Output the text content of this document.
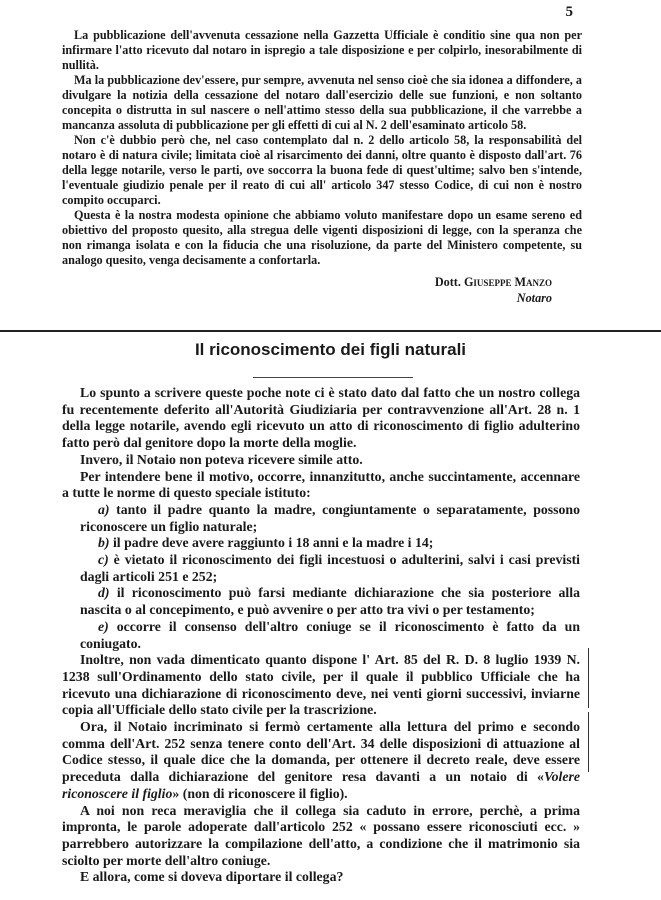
5

La pubblicazione dell'avvenuta cessazione nella Gazzetta Ufficiale è conditio sine qua non per infirmare l'atto ricevuto dal notaro in ispregio a tale disposizione e per colpirlo, inesorabilmente di nullità.

Ma la pubblicazione dev'essere, pur sempre, avvenuta nel senso cioè che sia idonea a diffondere, a divulgare la notizia della cessazione del notaro dall'esercizio delle sue funzioni, e non soltanto concepita o distrutta in sul nascere o nell'attimo stesso della sua pubblicazione, il che varrebbe a mancanza assoluta di pubblicazione per gli effetti di cui al N. 2 dell'esaminato articolo 58.

Non c'è dubbio però che, nel caso contemplato dal n. 2 dello articolo 58, la responsabilità del notaro è di natura civile; limitata cioè al risarcimento dei danni, oltre quanto è disposto dall'art. 76 della legge notarile, verso le parti, ove soccorra la buona fede di quest'ultime; salvo ben s'intende, l'eventuale giudizio penale per il reato di cui all' articolo 347 stesso Codice, di cui non è nostro compito occuparci.

Questa è la nostra modesta opinione che abbiamo voluto manifestare dopo un esame sereno ed obiettivo del proposto quesito, alla stregua delle vigenti disposizioni di legge, con la speranza che non rimanga isolata e con la fiducia che una risoluzione, da parte del Ministero competente, su analogo quesito, venga decisamente a confortarla.

Dott. Giuseppe Manzo
Notaro
Il riconoscimento dei figli naturali

Lo spunto a scrivere queste poche note ci è stato dato dal fatto che un nostro collega fu recentemente deferito all'Autorità Giudiziaria per contravvenzione all'Art. 28 n. 1 della legge notarile, avendo egli ricevuto un atto di riconoscimento di figlio adulterino fatto però dal genitore dopo la morte della moglie.

Invero, il Notaio non poteva ricevere simile atto.

Per intendere bene il motivo, occorre, innanzitutto, anche succintamente, accennare a tutte le norme di questo speciale istituto:

a) tanto il padre quanto la madre, congiuntamente o separatamente, possono riconoscere un figlio naturale;

b) il padre deve avere raggiunto i 18 anni e la madre i 14;

c) è vietato il riconoscimento dei figli incestuosi o adulterini, salvi i casi previsti dagli articoli 251 e 252;

d) il riconoscimento può farsi mediante dichiarazione che sia posteriore alla nascita o al concepimento, e può avvenire o per atto tra vivi o per testamento;

e) occorre il consenso dell'altro coniuge se il riconoscimento è fatto da un coniugato.

Inoltre, non vada dimenticato quanto dispone l' Art. 85 del R. D. 8 luglio 1939 N. 1238 sull'Ordinamento dello stato civile, per il quale il pubblico Ufficiale che ha ricevuto una dichiarazione di riconoscimento deve, nei venti giorni successivi, inviarne copia all'Ufficiale dello stato civile per la trascrizione.

Ora, il Notaio incriminato si fermò certamente alla lettura del primo e secondo comma dell'Art. 252 senza tenere conto dell'Art. 34 delle disposizioni di attuazione al Codice stesso, il quale dice che la domanda, per ottenere il decreto reale, deve essere preceduta dalla dichiarazione del genitore resa davanti a un notaio di «Volere riconoscere il figlio» (non di riconoscere il figlio).

A noi non reca meraviglia che il collega sia caduto in errore, perchè, a prima impronta, le parole adoperate dall'articolo 252 « possano essere riconosciuti ecc. » parrebbero autorizzare la compilazione dell'atto, a condizione che il matrimonio sia sciolto per morte dell'altro coniuge.

E allora, come si doveva diportare il collega?
